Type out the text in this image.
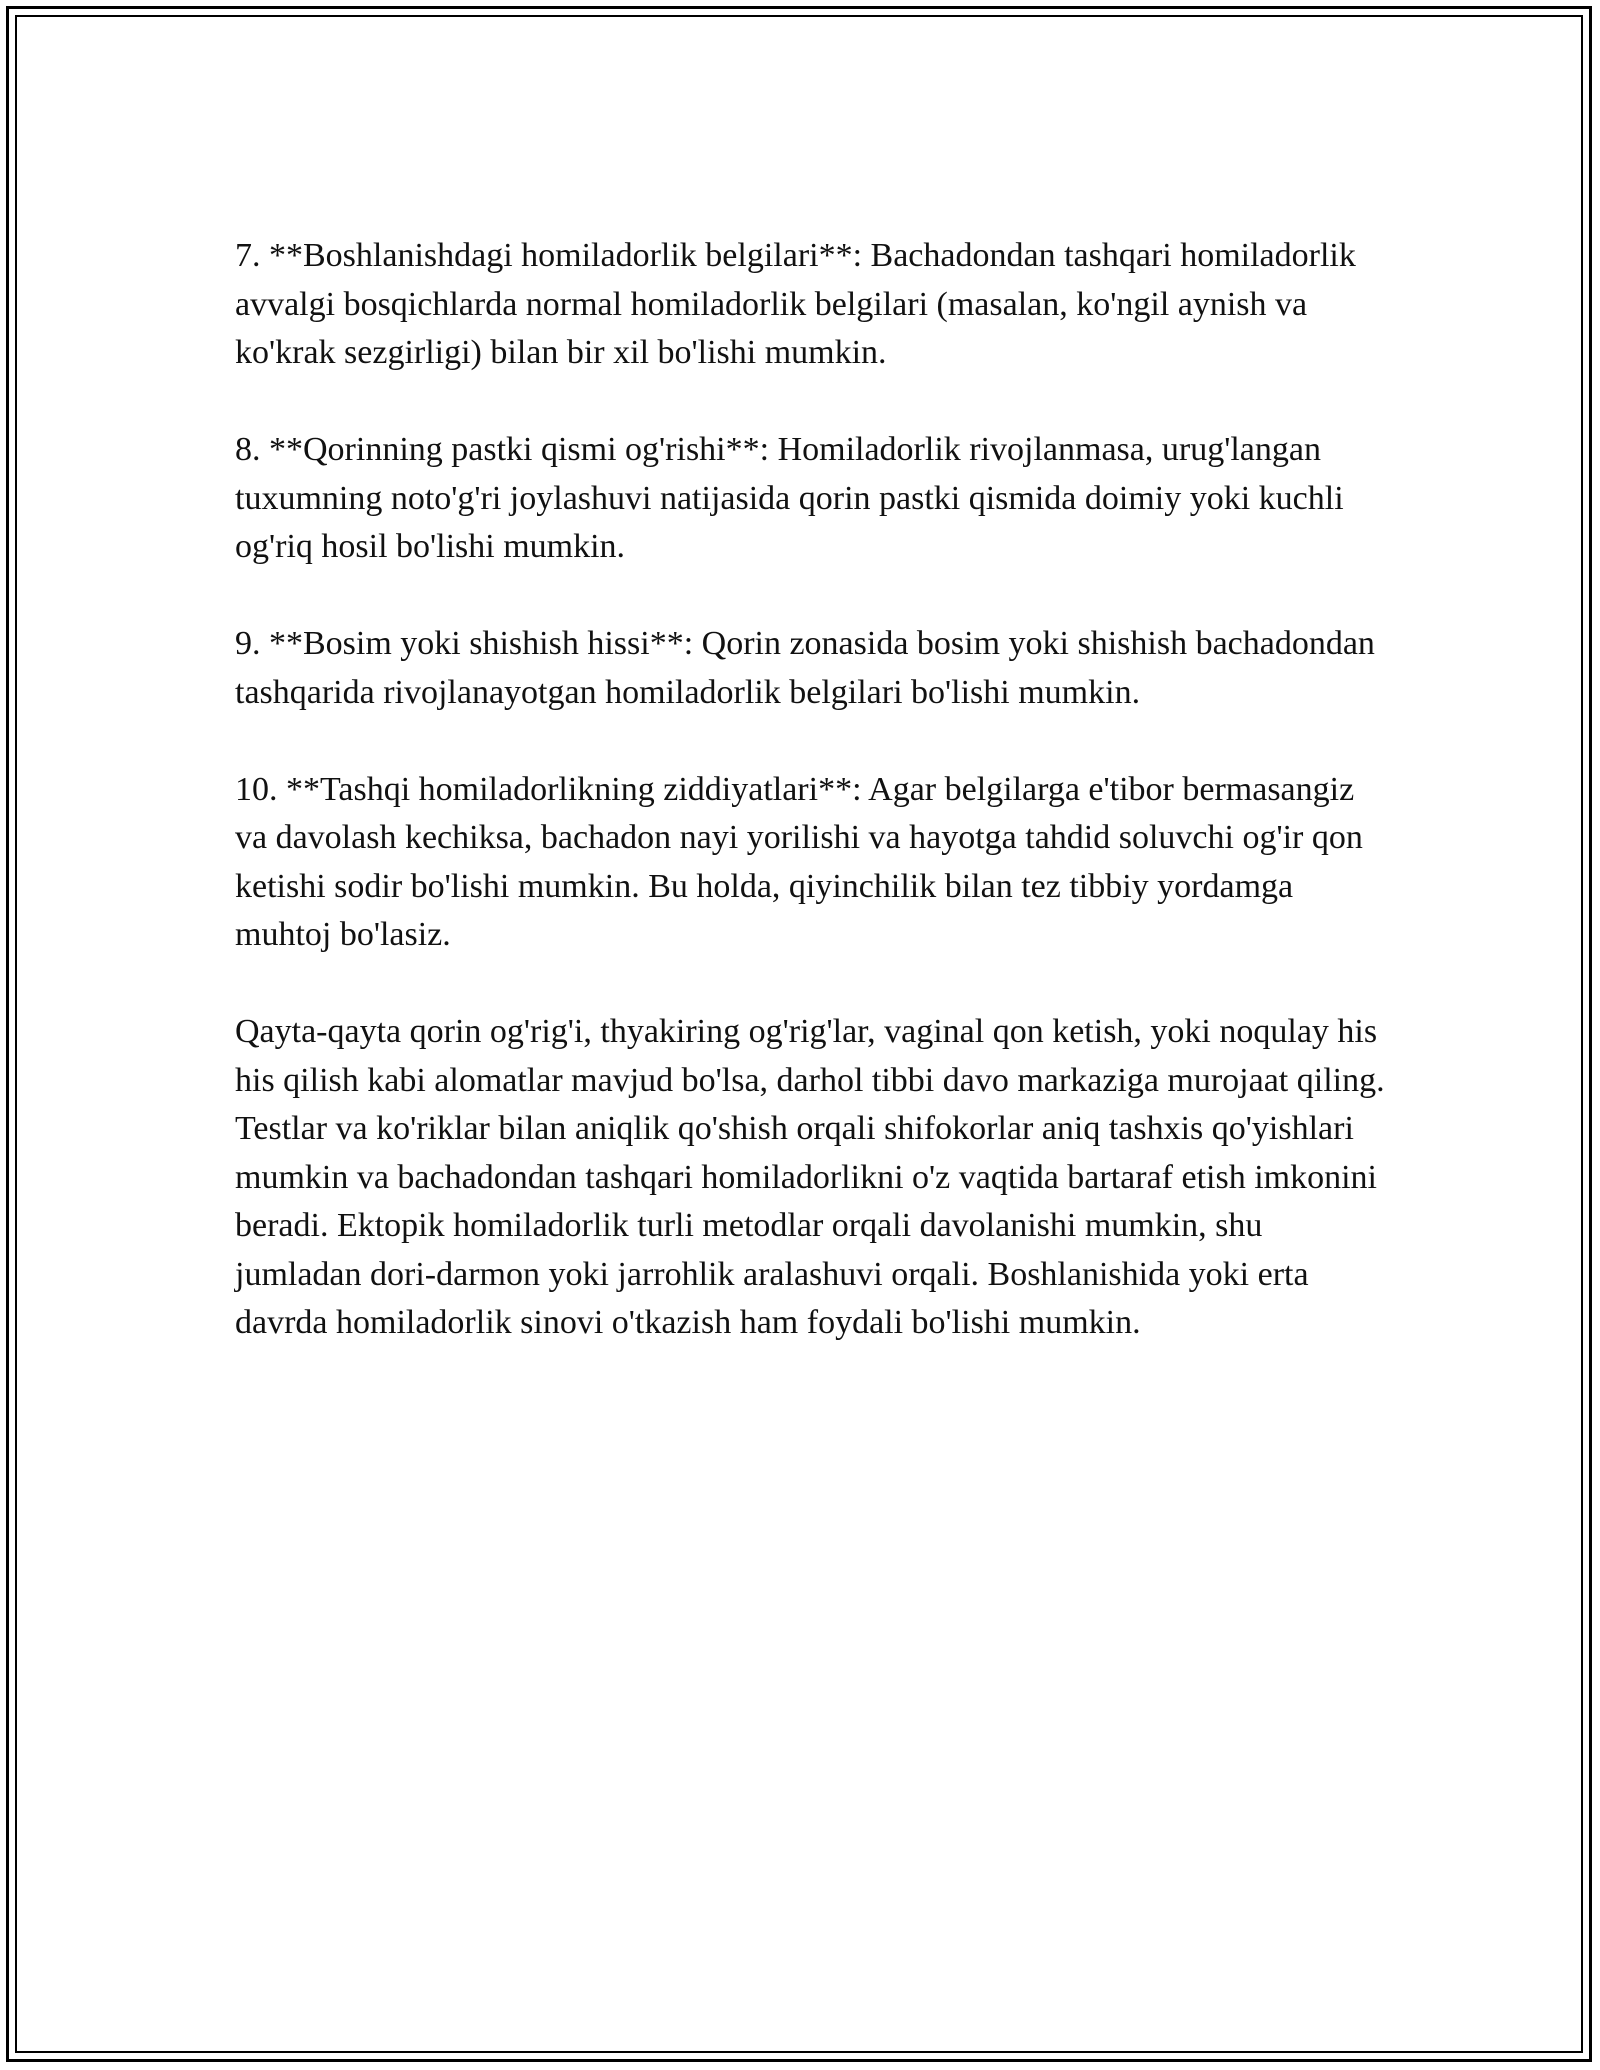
7. **Boshlanishdagi homiladorlik belgilari**: Bachadondan tashqari homiladorlik avvalgi bosqichlarda normal homiladorlik belgilari (masalan, ko'ngil aynish va ko'krak sezgirligi) bilan bir xil bo'lishi mumkin.

8. **Qorinning pastki qismi og'rishi**: Homiladorlik rivojlanmasa, urug'langan tuxumning noto'g'ri joylashuvi natijasida qorin pastki qismida doimiy yoki kuchli og'riq hosil bo'lishi mumkin.

9. **Bosim yoki shishish hissi**: Qorin zonasida bosim yoki shishish bachadondan tashqarida rivojlanayotgan homiladorlik belgilari bo'lishi mumkin.

10. **Tashqi homiladorlikning ziddiyatlari**: Agar belgilarga e'tibor bermasangiz va davolash kechiksa, bachadon nayi yorilishi va hayotga tahdid soluvchi og'ir qon ketishi sodir bo'lishi mumkin. Bu holda, qiyinchilik bilan tez tibbiy yordamga muhtoj bo'lasiz.

Qayta-qayta qorin og'rig'i, thyakiring og'rig'lar, vaginal qon ketish, yoki noqulay his his qilish kabi alomatlar mavjud bo'lsa, darhol tibbi davo markaziga murojaat qiling. Testlar va ko'riklar bilan aniqlik qo'shish orqali shifokorlar aniq tashxis qo'yishlari mumkin va bachadondan tashqari homiladorlikni o'z vaqtida bartaraf etish imkonini beradi. Ektopik homiladorlik turli metodlar orqali davolanishi mumkin, shu jumladan dori-darmon yoki jarrohlik aralashuvi orqali. Boshlanishida yoki erta davrda homiladorlik sinovi o'tkazish ham foydali bo'lishi mumkin.
